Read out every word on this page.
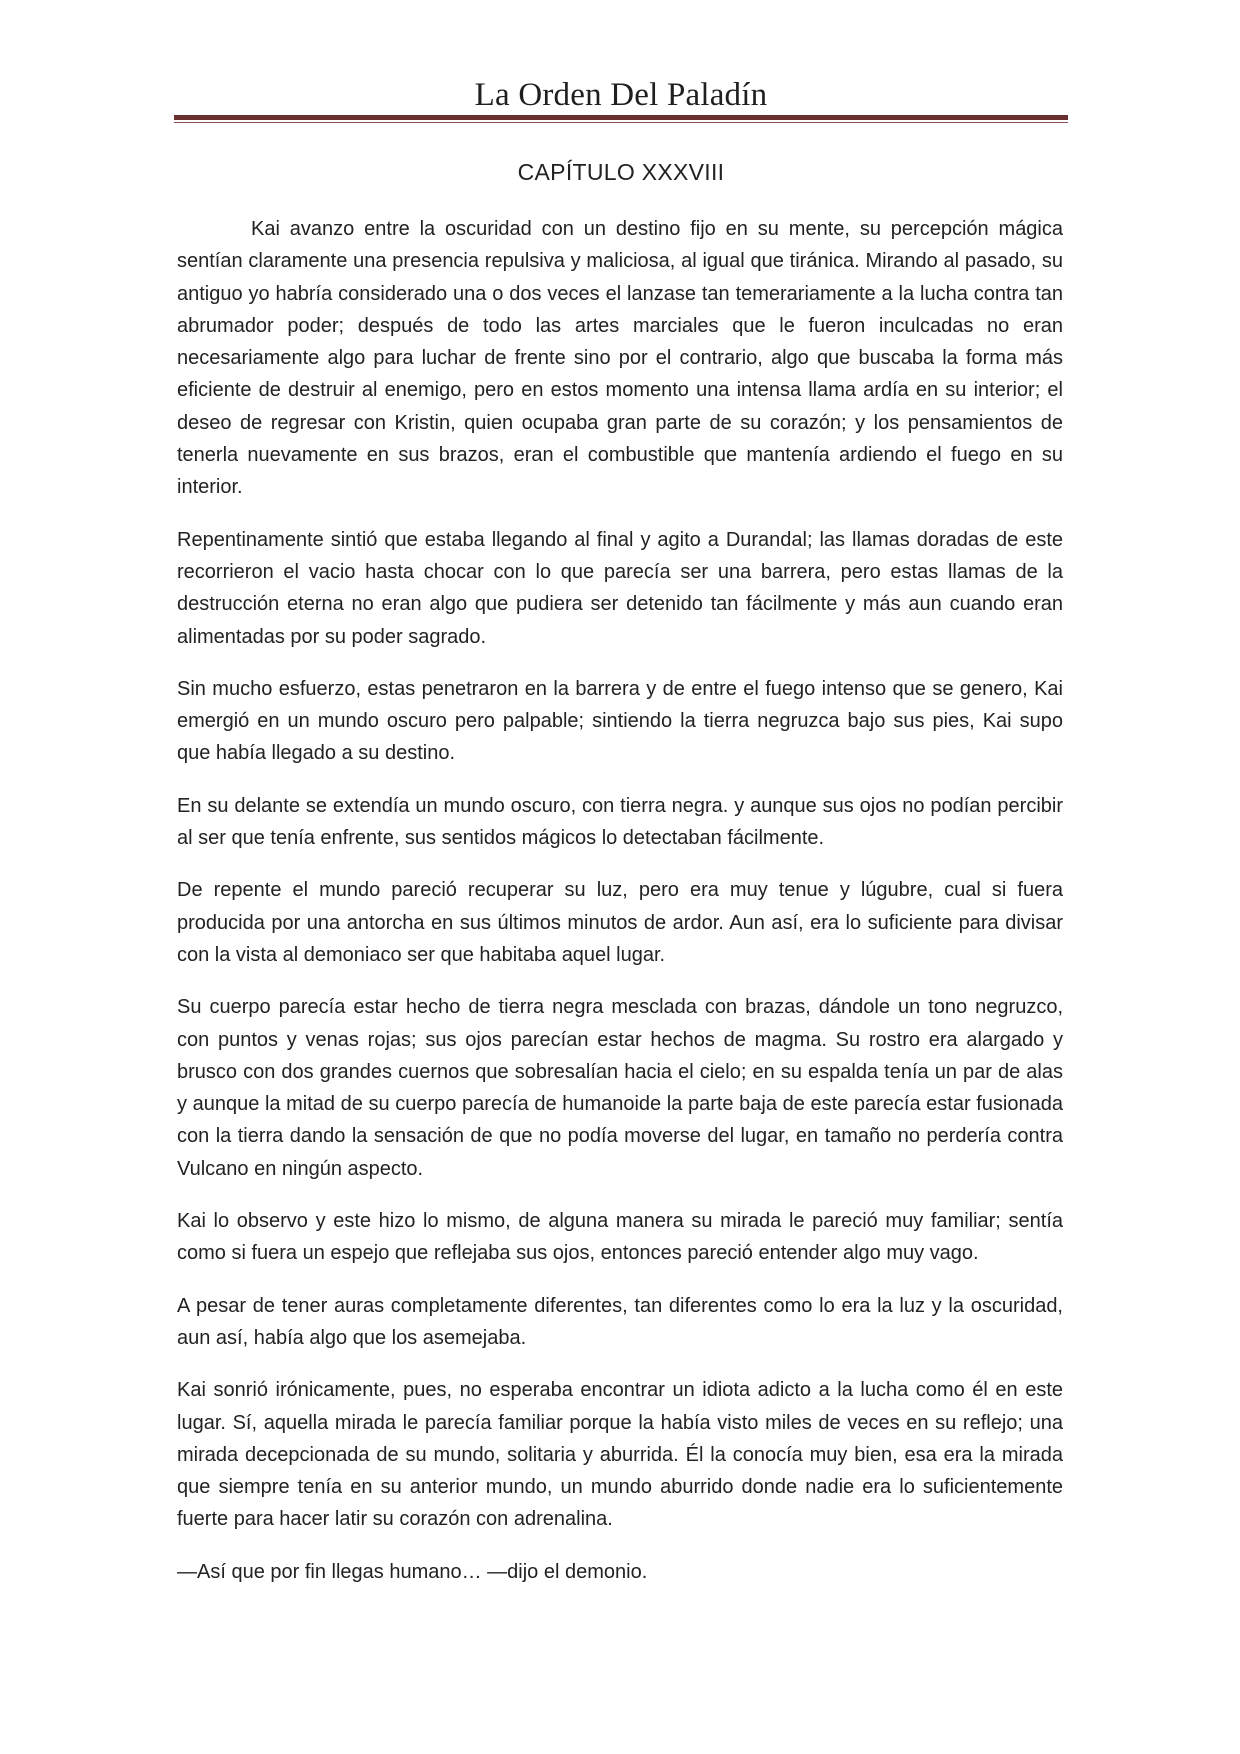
La Orden Del Paladín
CAPÍTULO XXXVIII

Kai avanzo entre la oscuridad con un destino fijo en su mente, su percepción mágica sentían claramente una presencia repulsiva y maliciosa, al igual que tiránica. Mirando al pasado, su antiguo yo habría considerado una o dos veces el lanzase tan temerariamente a la lucha contra tan abrumador poder; después de todo las artes marciales que le fueron inculcadas no eran necesariamente algo para luchar de frente sino por el contrario, algo que buscaba la forma más eficiente de destruir al enemigo, pero en estos momento una intensa llama ardía en su interior; el deseo de regresar con Kristin, quien ocupaba gran parte de su corazón; y los pensamientos de tenerla nuevamente en sus brazos, eran el combustible que mantenía ardiendo el fuego en su interior.

Repentinamente sintió que estaba llegando al final y agito a Durandal; las llamas doradas de este recorrieron el vacio hasta chocar con lo que parecía ser una barrera, pero estas llamas de la destrucción eterna no eran algo que pudiera ser detenido tan fácilmente y más aun cuando eran alimentadas por su poder sagrado.

Sin mucho esfuerzo, estas penetraron en la barrera y de entre el fuego intenso que se genero, Kai emergió en un mundo oscuro pero palpable; sintiendo la tierra negruzca bajo sus pies, Kai supo que había llegado a su destino.

En su delante se extendía un mundo oscuro, con tierra negra. y aunque sus ojos no podían percibir al ser que tenía enfrente, sus sentidos mágicos lo detectaban fácilmente.

De repente el mundo pareció recuperar su luz, pero era muy tenue y lúgubre, cual si fuera producida por una antorcha en sus últimos minutos de ardor. Aun así, era lo suficiente para divisar con la vista al demoniaco ser que habitaba aquel lugar.

Su cuerpo parecía estar hecho de tierra negra mesclada con brazas, dándole un tono negruzco, con puntos y venas rojas; sus ojos parecían estar hechos de magma. Su rostro era alargado y brusco con dos grandes cuernos que sobresalían hacia el cielo; en su espalda tenía un par de alas y aunque la mitad de su cuerpo parecía de humanoide la parte baja de este parecía estar fusionada con la tierra dando la sensación de que no podía moverse del lugar, en tamaño no perdería contra Vulcano en ningún aspecto.

Kai lo observo y este hizo lo mismo, de alguna manera su mirada le pareció muy familiar; sentía como si fuera un espejo que reflejaba sus ojos, entonces pareció entender algo muy vago.

A pesar de tener auras completamente diferentes, tan diferentes como lo era la luz y la oscuridad, aun así, había algo que los asemejaba.

Kai sonrió irónicamente, pues, no esperaba encontrar un idiota adicto a la lucha como él en este lugar. Sí, aquella mirada le parecía familiar porque la había visto miles de veces en su reflejo; una mirada decepcionada de su mundo, solitaria y aburrida. Él la conocía muy bien, esa era la mirada que siempre tenía en su anterior mundo, un mundo aburrido donde nadie era lo suficientemente fuerte para hacer latir su corazón con adrenalina.

—Así que por fin llegas humano… —dijo el demonio.
